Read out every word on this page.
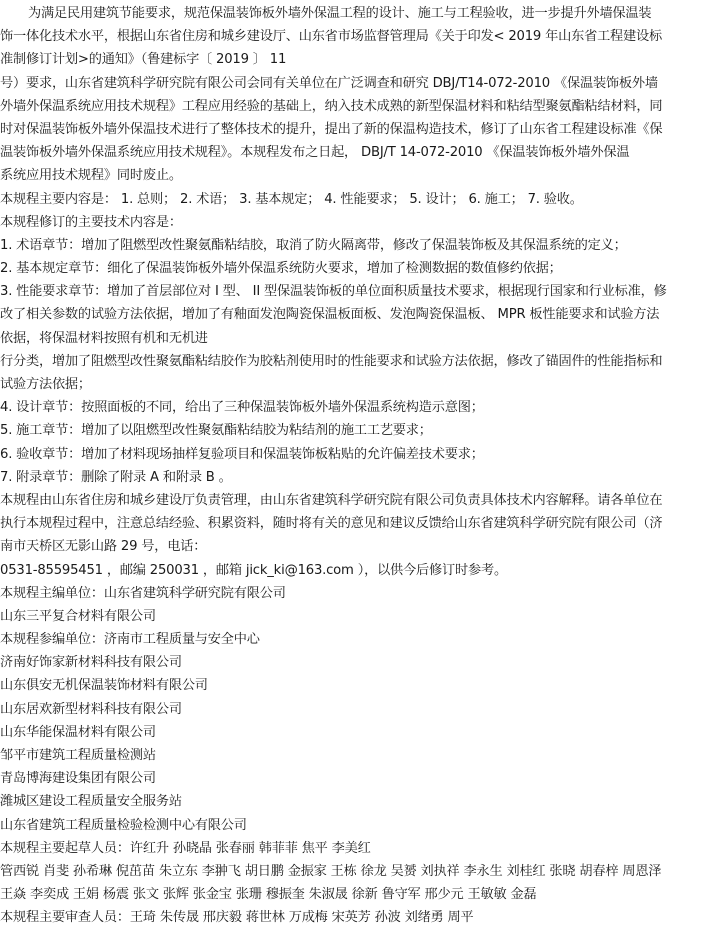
为满足民用建筑节能要求，规范保温装饰板外墙外保温工程的设计、施工与工程验收，进一步提升外墙保温装
饰一体化技术水平，根据山东省住房和城乡建设厅、山东省市场监督管理局《关于印发< 2019 年山东省工程建设标
准制修订计划>的通知》（鲁建标字〔 2019 〕 11
号）要求，山东省建筑科学研究院有限公司会同有关单位在广泛调查和研究 DBJ/T14-072-2010 《保温装饰板外墙
外墙外保温系统应用技术规程》工程应用经验的基础上，纳入技术成熟的新型保温材料和粘结型聚氨酯粘结材料，同
时对保温装饰板外墙外保温技术进行了整体技术的提升，提出了新的保温构造技术，修订了山东省工程建设标准《保
温装饰板外墙外保温系统应用技术规程》。本规程发布之日起， DBJ/T 14-072-2010 《保温装饰板外墙外保温
系统应用技术规程》同时废止。
本规程主要内容是： 1. 总则； 2. 术语； 3. 基本规定； 4. 性能要求； 5. 设计； 6. 施工； 7. 验收。
本规程修订的主要技术内容是：
1. 术语章节：增加了阻燃型改性聚氨酯粘结胶，取消了防火隔离带，修改了保温装饰板及其保温系统的定义；
2. 基本规定章节：细化了保温装饰板外墙外保温系统防火要求，增加了检测数据的数值修约依据；
3. 性能要求章节：增加了首层部位对 I 型、 II 型保温装饰板的单位面积质量技术要求，根据现行国家和行业标准，修
改了相关参数的试验方法依据，增加了有釉面发泡陶瓷保温板面板、发泡陶瓷保温板、 MPR 板性能要求和试验方法
依据，将保温材料按照有机和无机进
行分类，增加了阻燃型改性聚氨酯粘结胶作为胶粘剂使用时的性能要求和试验方法依据，修改了锚固件的性能指标和
试验方法依据；
4. 设计章节：按照面板的不同，给出了三种保温装饰板外墙外保温系统构造示意图；
5. 施工章节：增加了以阻燃型改性聚氨酯粘结胶为粘结剂的施工工艺要求；
6. 验收章节：增加了材料现场抽样复验项目和保温装饰板粘贴的允许偏差技术要求；
7. 附录章节：删除了附录 A 和附录 B 。
本规程由山东省住房和城乡建设厅负责管理，由山东省建筑科学研究院有限公司负责具体技术内容解释。请各单位在
执行本规程过程中，注意总结经验、积累资料，随时将有关的意见和建议反馈给山东省建筑科学研究院有限公司（济
南市天桥区无影山路 29 号，电话：
0531-85595451 ，邮编 250031 ，邮箱 jick_ki@163.com ），以供今后修订时参考。
本规程主编单位：山东省建筑科学研究院有限公司
山东三平复合材料有限公司
本规程参编单位：济南市工程质量与安全中心
济南好饰家新材料科技有限公司
山东俱安无机保温装饰材料有限公司
山东居欢新型材料科技有限公司
山东华能保温材料有限公司
邹平市建筑工程质量检测站
青岛博海建设集团有限公司
潍城区建设工程质量安全服务站
山东省建筑工程质量检验检测中心有限公司
本规程主要起草人员：许红升 孙晓晶 张春丽 韩菲菲 焦平 李美红
管西锐 肖斐 孙希琳 倪茁苗 朱立东 李翀飞 胡日鹏 金振家 王栋 徐龙 吴赟 刘执祥 李永生 刘桂红 张晓 胡春梓 周恩泽
王焱 李奕成 王娟 杨震 张文 张辉 张金宝 张珊 穆振奎 朱淑晟 徐新 鲁守军 邢少元 王敏敏 金磊
本规程主要审查人员：王琦 朱传晟 邢庆毅 蒋世林 万成梅 宋英芳 孙波 刘绪勇 周平
